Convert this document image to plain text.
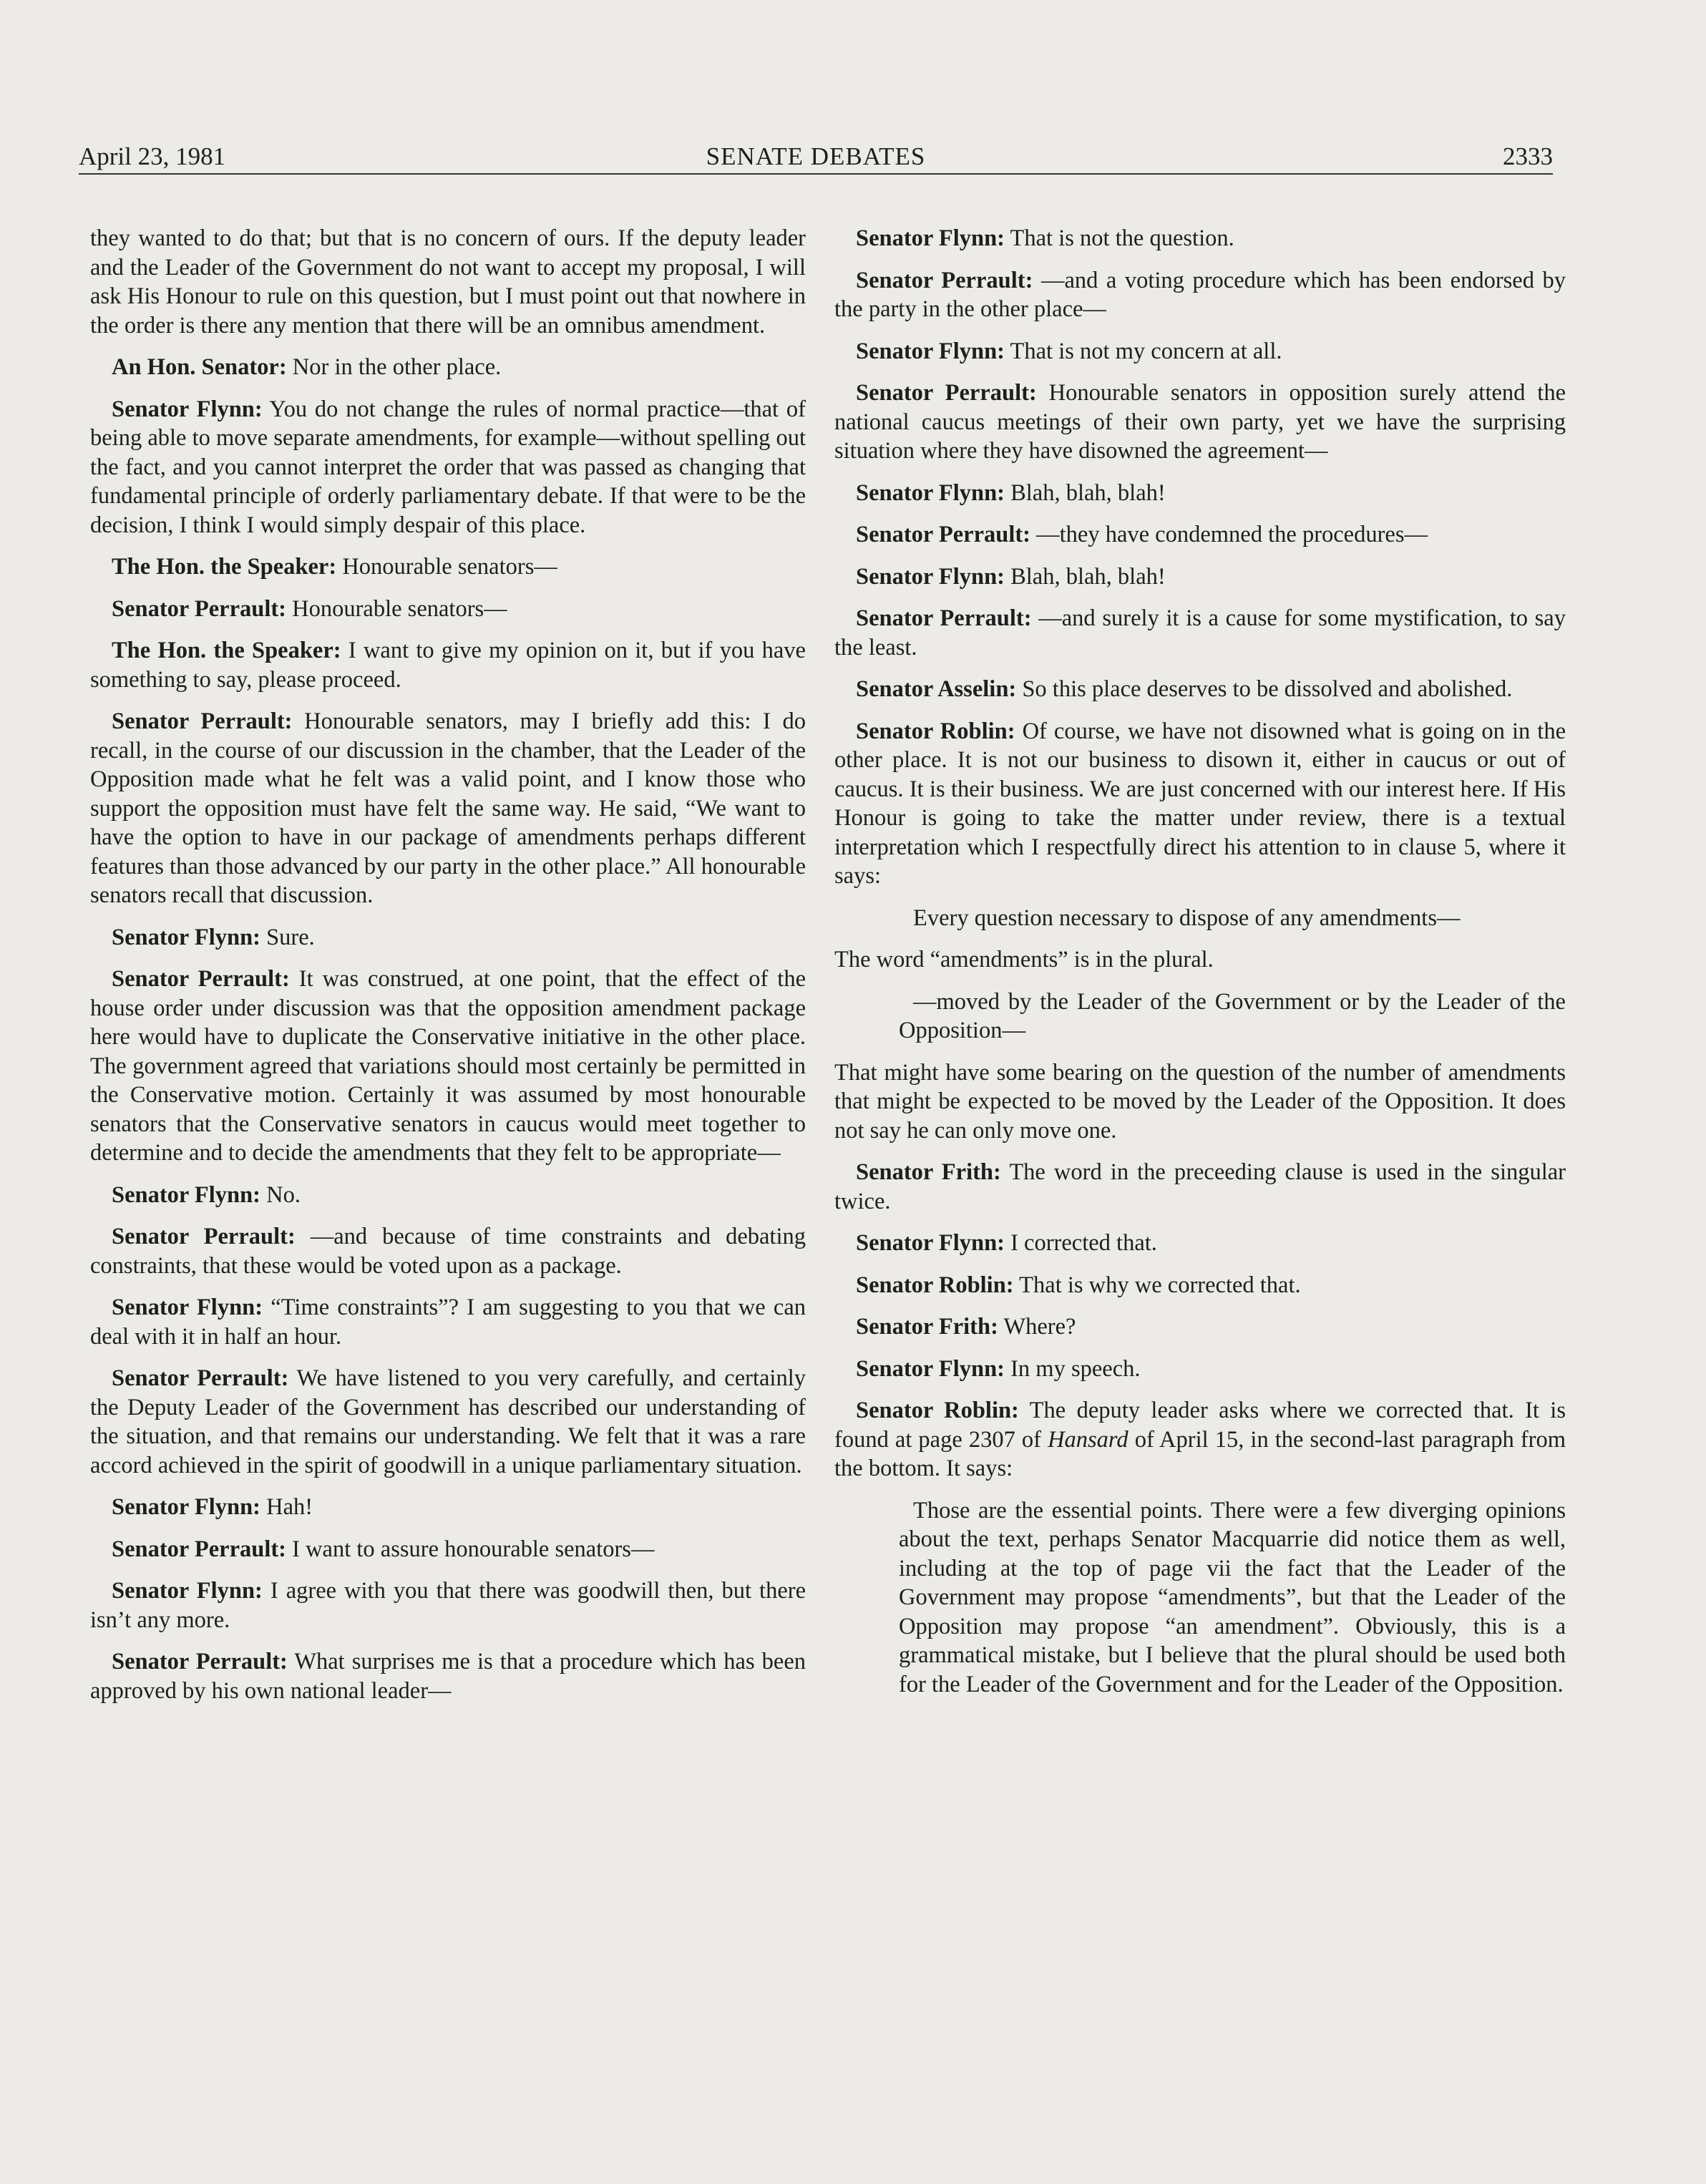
April 23, 1981	SENATE DEBATES	2333

they wanted to do that; but that is no concern of ours. If the deputy leader and the Leader of the Government do not want to accept my proposal, I will ask His Honour to rule on this question, but I must point out that nowhere in the order is there any mention that there will be an omnibus amendment.

An Hon. Senator: Nor in the other place.

Senator Flynn: You do not change the rules of normal practice—that of being able to move separate amendments, for example—without spelling out the fact, and you cannot interpret the order that was passed as changing that fundamental principle of orderly parliamentary debate. If that were to be the decision, I think I would simply despair of this place.

The Hon. the Speaker: Honourable senators—

Senator Perrault: Honourable senators—

The Hon. the Speaker: I want to give my opinion on it, but if you have something to say, please proceed.

Senator Perrault: Honourable senators, may I briefly add this: I do recall, in the course of our discussion in the chamber, that the Leader of the Opposition made what he felt was a valid point, and I know those who support the opposition must have felt the same way. He said, “We want to have the option to have in our package of amendments perhaps different features than those advanced by our party in the other place.” All honourable senators recall that discussion.

Senator Flynn: Sure.

Senator Perrault: It was construed, at one point, that the effect of the house order under discussion was that the opposition amendment package here would have to duplicate the Conservative initiative in the other place. The government agreed that variations should most certainly be permitted in the Conservative motion. Certainly it was assumed by most honourable senators that the Conservative senators in caucus would meet together to determine and to decide the amendments that they felt to be appropriate—

Senator Flynn: No.

Senator Perrault: —and because of time constraints and debating constraints, that these would be voted upon as a package.

Senator Flynn: “Time constraints”? I am suggesting to you that we can deal with it in half an hour.

Senator Perrault: We have listened to you very carefully, and certainly the Deputy Leader of the Government has described our understanding of the situation, and that remains our understanding. We felt that it was a rare accord achieved in the spirit of goodwill in a unique parliamentary situation.

Senator Flynn: Hah!

Senator Perrault: I want to assure honourable senators—

Senator Flynn: I agree with you that there was goodwill then, but there isn’t any more.

Senator Perrault: What surprises me is that a procedure which has been approved by his own national leader—

Senator Flynn: That is not the question.

Senator Perrault: —and a voting procedure which has been endorsed by the party in the other place—

Senator Flynn: That is not my concern at all.

Senator Perrault: Honourable senators in opposition surely attend the national caucus meetings of their own party, yet we have the surprising situation where they have disowned the agreement—

Senator Flynn: Blah, blah, blah!

Senator Perrault: —they have condemned the procedures—

Senator Flynn: Blah, blah, blah!

Senator Perrault: —and surely it is a cause for some mystification, to say the least.

Senator Asselin: So this place deserves to be dissolved and abolished.

Senator Roblin: Of course, we have not disowned what is going on in the other place. It is not our business to disown it, either in caucus or out of caucus. It is their business. We are just concerned with our interest here. If His Honour is going to take the matter under review, there is a textual interpretation which I respectfully direct his attention to in clause 5, where it says:

Every question necessary to dispose of any amendments—

The word “amendments” is in the plural.

—moved by the Leader of the Government or by the Leader of the Opposition—

That might have some bearing on the question of the number of amendments that might be expected to be moved by the Leader of the Opposition. It does not say he can only move one.

Senator Frith: The word in the preceeding clause is used in the singular twice.

Senator Flynn: I corrected that.

Senator Roblin: That is why we corrected that.

Senator Frith: Where?

Senator Flynn: In my speech.

Senator Roblin: The deputy leader asks where we corrected that. It is found at page 2307 of Hansard of April 15, in the second-last paragraph from the bottom. It says:

Those are the essential points. There were a few diverging opinions about the text, perhaps Senator Macquarrie did notice them as well, including at the top of page vii the fact that the Leader of the Government may propose “amendments”, but that the Leader of the Opposition may propose “an amendment”. Obviously, this is a grammatical mistake, but I believe that the plural should be used both for the Leader of the Government and for the Leader of the Opposition.
